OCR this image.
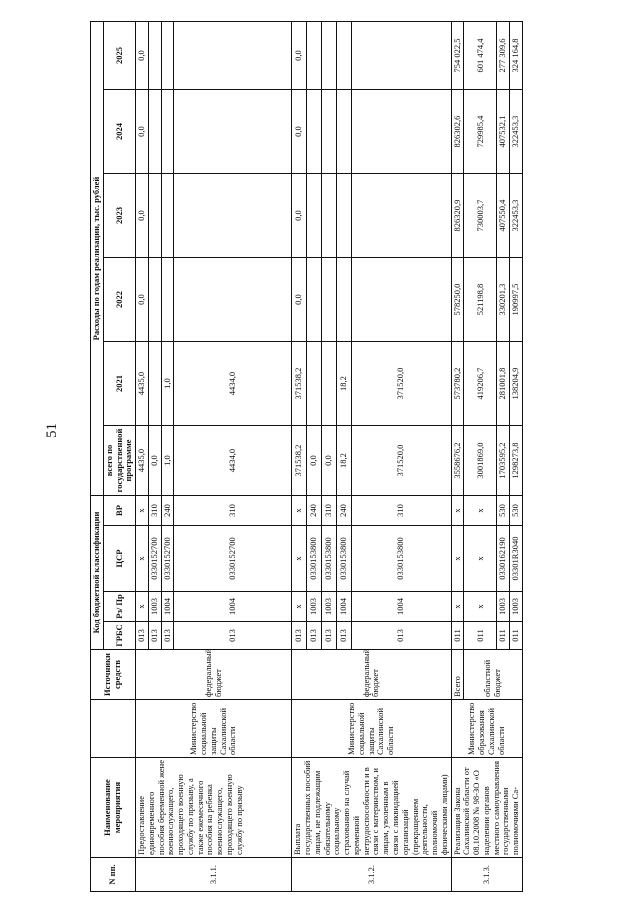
51
N пп.	Наименование мероприятия		Источники средств	Код бюджетной классификации				Расходы по годам реализации, тыс. рублей					
				ГРБС	Рз/ Пр	ЦСР	ВР	всего по государственной программе	2021	2022	2023	2024	2025
3.1.1.	Предоставление единовременного пособия беременной жене военнослужащего, проходящего военную службу по призыву, а также ежемесячного пособия на ребенка военнослужащего, проходящего военную службу по призыву	Министерство социальной защиты Сахалинской области	федеральный бюджет	013	х	х	х	4435,0	4435,0	0,0	0,0	0,0	0,0
				013	1003	0330152700	310	0,0					
				013	1004	0330152700	240	1,0	1,0				
				013	1004	0330152700	310	4434,0	4434,0				
3.1.2.	Выплата государственных пособий лицам, не подлежащим обязательному социальному страхованию на случай временной нетрудоспособности и в связи с материнством, и лицам, уволенным в связи с ликвидацией организаций (прекращением деятельности, полномочий физическими лицами)	Министерство социальной защиты Сахалинской области	федеральный бюджет	013	х	х	х	371538,2	371538,2	0,0	0,0	0,0	0,0
				013	1003	0330153800	240	0,0					
				013	1003	0330153800	310	0,0					
				013	1004	0330153800	240	18,2	18,2				
				013	1004	0330153800	310	371520,0	371520,0				
3.1.3.	Реализация Закона Сахалинской области от 08.10.2008 № 98-ЗО «О наделении органов местного самоуправления государственными полномочиями Са-	Министерство образования Сахалинской области	Всего	011	х	х	х	3558676,2	573780,2	578250,0	826320,9	826302,6	754 022,5
			областной бюджет	011	х	х	х	3001869,0	419206,7	521198,8	730003,7	729985,4	601 474,4
				011	1003	0330162190	530	1703595,2	281001,8	330201,3	407550,4	407532,1	277 309,6
				011	1003	03301R3040	530	1298273,8	138204,9	190997,5	322453,3	322453,3	324 164,8
